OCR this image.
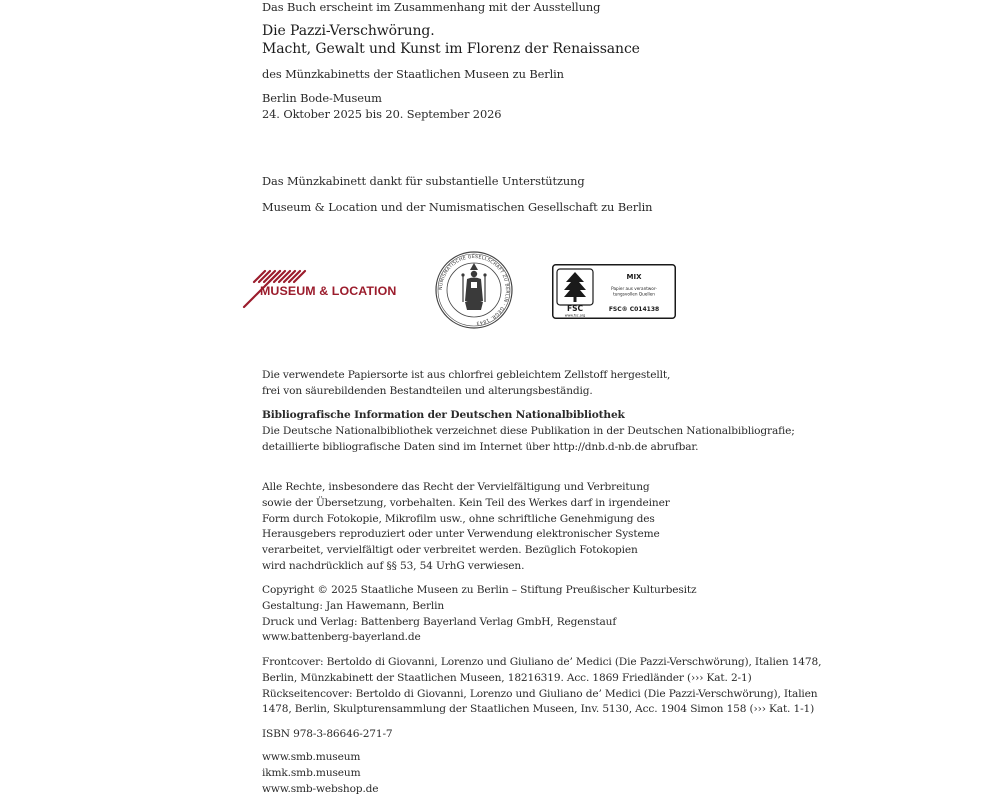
Das Buch erscheint im Zusammenhang mit der Ausstellung
Die Pazzi-Verschwörung.
Macht, Gewalt und Kunst im Florenz der Renaissance
des Münzkabinetts der Staatlichen Museen zu Berlin
Berlin Bode-Museum
24. Oktober 2025 bis 20. September 2026
Das Münzkabinett dankt für substantielle Unterstützung
Museum & Location und der Numismatischen Gesellschaft zu Berlin
MUSEUM & LOCATION	NUMISMATISCHE GESELLSCHAFT ZU BERLIN · GEGR. 1843
FSC
www.fsc.org
MIX
Papier aus verantwor-
tungsvollen Quellen
FSC® C014138
Die verwendete Papiersorte ist aus chlorfrei gebleichtem Zellstoff hergestellt,
frei von säurebildenden Bestandteilen und alterungsbeständig.
Bibliografische Information der Deutschen Nationalbibliothek
Die Deutsche Nationalbibliothek verzeichnet diese Publikation in der Deutschen Nationalbibliografie;
detaillierte bibliografische Daten sind im Internet über http://dnb.d-nb.de abrufbar.
Alle Rechte, insbesondere das Recht der Vervielfältigung und Verbreitung
sowie der Übersetzung, vorbehalten. Kein Teil des Werkes darf in irgendeiner
Form durch Fotokopie, Mikrofilm usw., ohne schriftliche Genehmigung des
Herausgebers reproduziert oder unter Verwendung elektronischer Systeme
verarbeitet, vervielfältigt oder verbreitet werden. Bezüglich Fotokopien
wird nachdrücklich auf §§ 53, 54 UrhG verwiesen.
Copyright © 2025 Staatliche Museen zu Berlin – Stiftung Preußischer Kulturbesitz
Gestaltung: Jan Hawemann, Berlin
Druck und Verlag: Battenberg Bayerland Verlag GmbH, Regenstauf
www.battenberg-bayerland.de
Frontcover: Bertoldo di Giovanni, Lorenzo und Giuliano de’ Medici (Die Pazzi-Verschwörung), Italien 1478,
Berlin, Münzkabinett der Staatlichen Museen, 18216319. Acc. 1869 Friedländer (››› Kat. 2-1)
Rückseitencover: Bertoldo di Giovanni, Lorenzo und Giuliano de’ Medici (Die Pazzi-Verschwörung), Italien
1478, Berlin, Skulpturensammlung der Staatlichen Museen, Inv. 5130, Acc. 1904 Simon 158 (››› Kat. 1-1)
ISBN 978-3-86646-271-7
www.smb.museum
ikmk.smb.museum
www.smb-webshop.de
